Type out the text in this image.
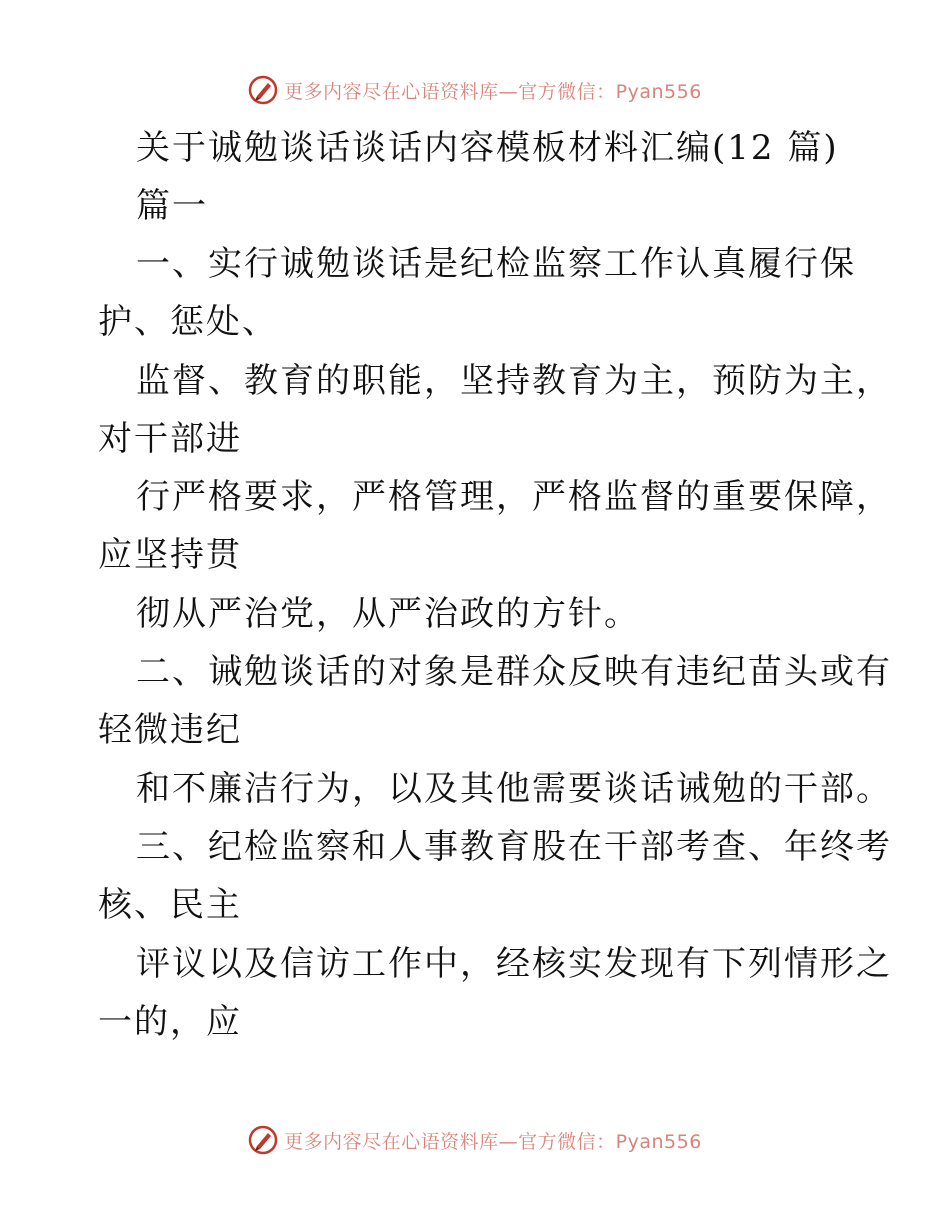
更多内容尽在心语资料库—官方微信：Pyan556
关于诚勉谈话谈话内容模板材料汇编(12 篇)
篇一
一、实行诚勉谈话是纪检监察工作认真履行保
护、惩处、
监督、教育的职能，坚持教育为主，预防为主，
对干部进
行严格要求，严格管理，严格监督的重要保障，
应坚持贯
彻从严治党，从严治政的方针。
二、诫勉谈话的对象是群众反映有违纪苗头或有
轻微违纪
和不廉洁行为，以及其他需要谈话诫勉的干部。
三、纪检监察和人事教育股在干部考查、年终考
核、民主
评议以及信访工作中，经核实发现有下列情形之
一的，应
更多内容尽在心语资料库—官方微信：Pyan556
